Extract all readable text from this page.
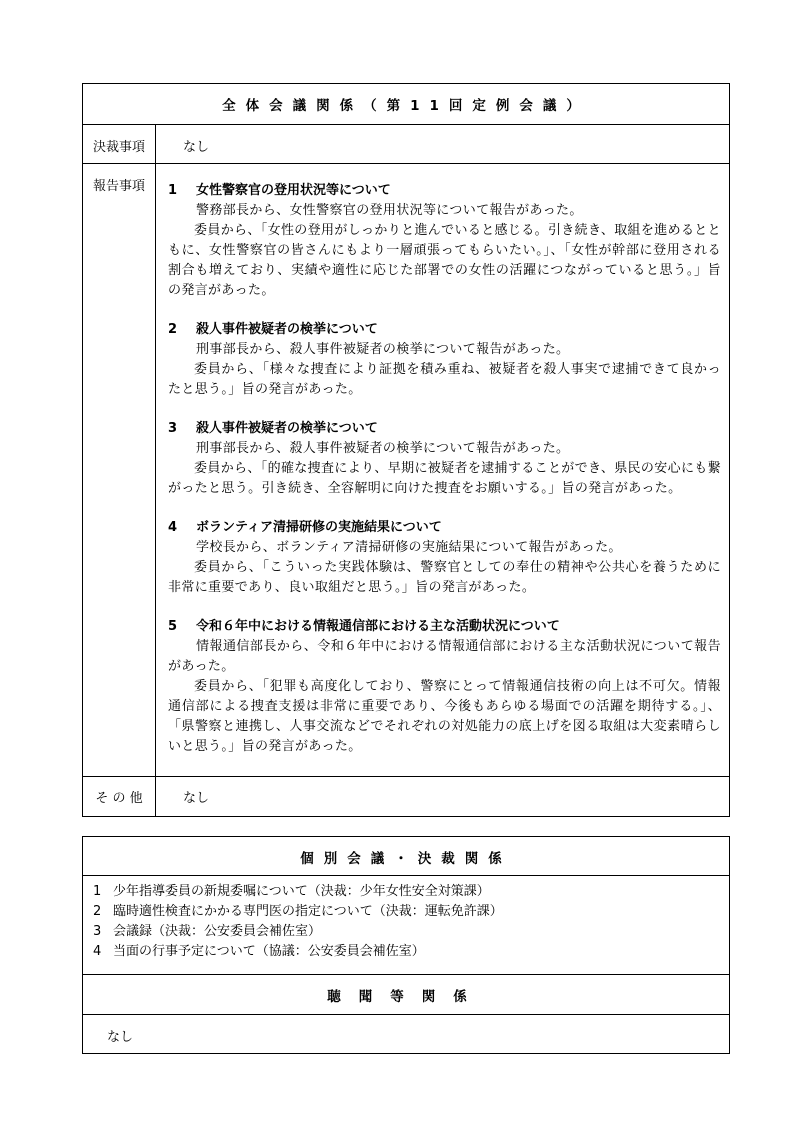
全体会議関係（第11回定例会議）
決裁事項	なし
報告事項	1 女性警察官の登用状況等について
警務部長から、女性警察官の登用状況等について報告があった。
委員から、「女性の登用がしっかりと進んでいると感じる。引き続き、取組を進めるとともに、女性警察官の皆さんにもより一層頑張ってもらいたい。」、「女性が幹部に登用される割合も増えており、実績や適性に応じた部署での女性の活躍につながっていると思う。」旨の発言があった。
2 殺人事件被疑者の検挙について
刑事部長から、殺人事件被疑者の検挙について報告があった。
委員から、「様々な捜査により証拠を積み重ね、被疑者を殺人事実で逮捕できて良かったと思う。」旨の発言があった。
3 殺人事件被疑者の検挙について
刑事部長から、殺人事件被疑者の検挙について報告があった。
委員から、「的確な捜査により、早期に被疑者を逮捕することができ、県民の安心にも繋がったと思う。引き続き、全容解明に向けた捜査をお願いする。」旨の発言があった。
4 ボランティア清掃研修の実施結果について
学校長から、ボランティア清掃研修の実施結果について報告があった。
委員から、「こういった実践体験は、警察官としての奉仕の精神や公共心を養うために非常に重要であり、良い取組だと思う。」旨の発言があった。
5 令和６年中における情報通信部における主な活動状況について
情報通信部長から、令和６年中における情報通信部における主な活動状況について報告があった。
委員から、「犯罪も高度化しており、警察にとって情報通信技術の向上は不可欠。情報通信部による捜査支援は非常に重要であり、今後もあらゆる場面での活躍を期待する。」、「県警察と連携し、人事交流などでそれぞれの対処能力の底上げを図る取組は大変素晴らしいと思う。」旨の発言があった。
そ の 他	なし
個別会議・決裁関係
1 少年指導委員の新規委嘱について（決裁：少年女性安全対策課）
2 臨時適性検査にかかる専門医の指定について（決裁：運転免許課）
3 会議録（決裁：公安委員会補佐室）
4 当面の行事予定について（協議：公安委員会補佐室）
聴聞等関係
なし
